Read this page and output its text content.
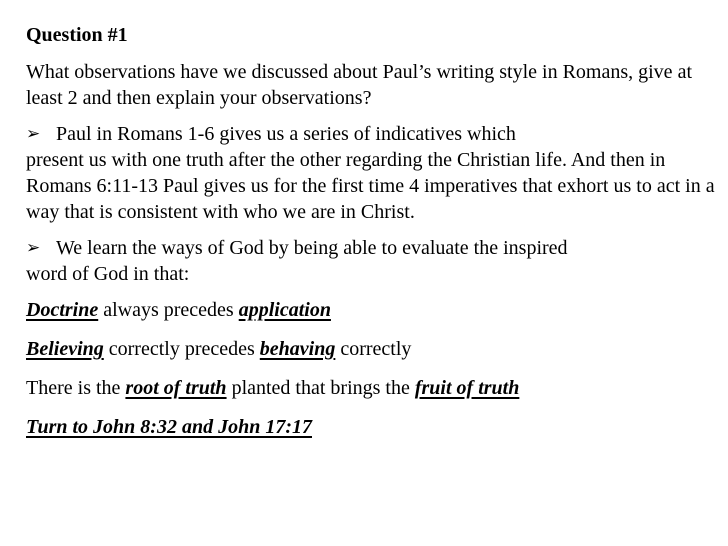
Question #1

What observations have we discussed about Paul’s writing style in Romans, give at least 2 and then explain your observations?

➢ Paul in Romans 1-6 gives us a series of indicatives which
present us with one truth after the other regarding the Christian life. And then in Romans 6:11-13 Paul gives us for the first time 4 imperatives that exhort us to act in a way that is consistent with who we are in Christ.

➢ We learn the ways of God by being able to evaluate the inspired
word of God in that:

Doctrine always precedes application

Believing correctly precedes behaving correctly

There is the root of truth planted that brings the fruit of truth

Turn to John 8:32 and John 17:17
